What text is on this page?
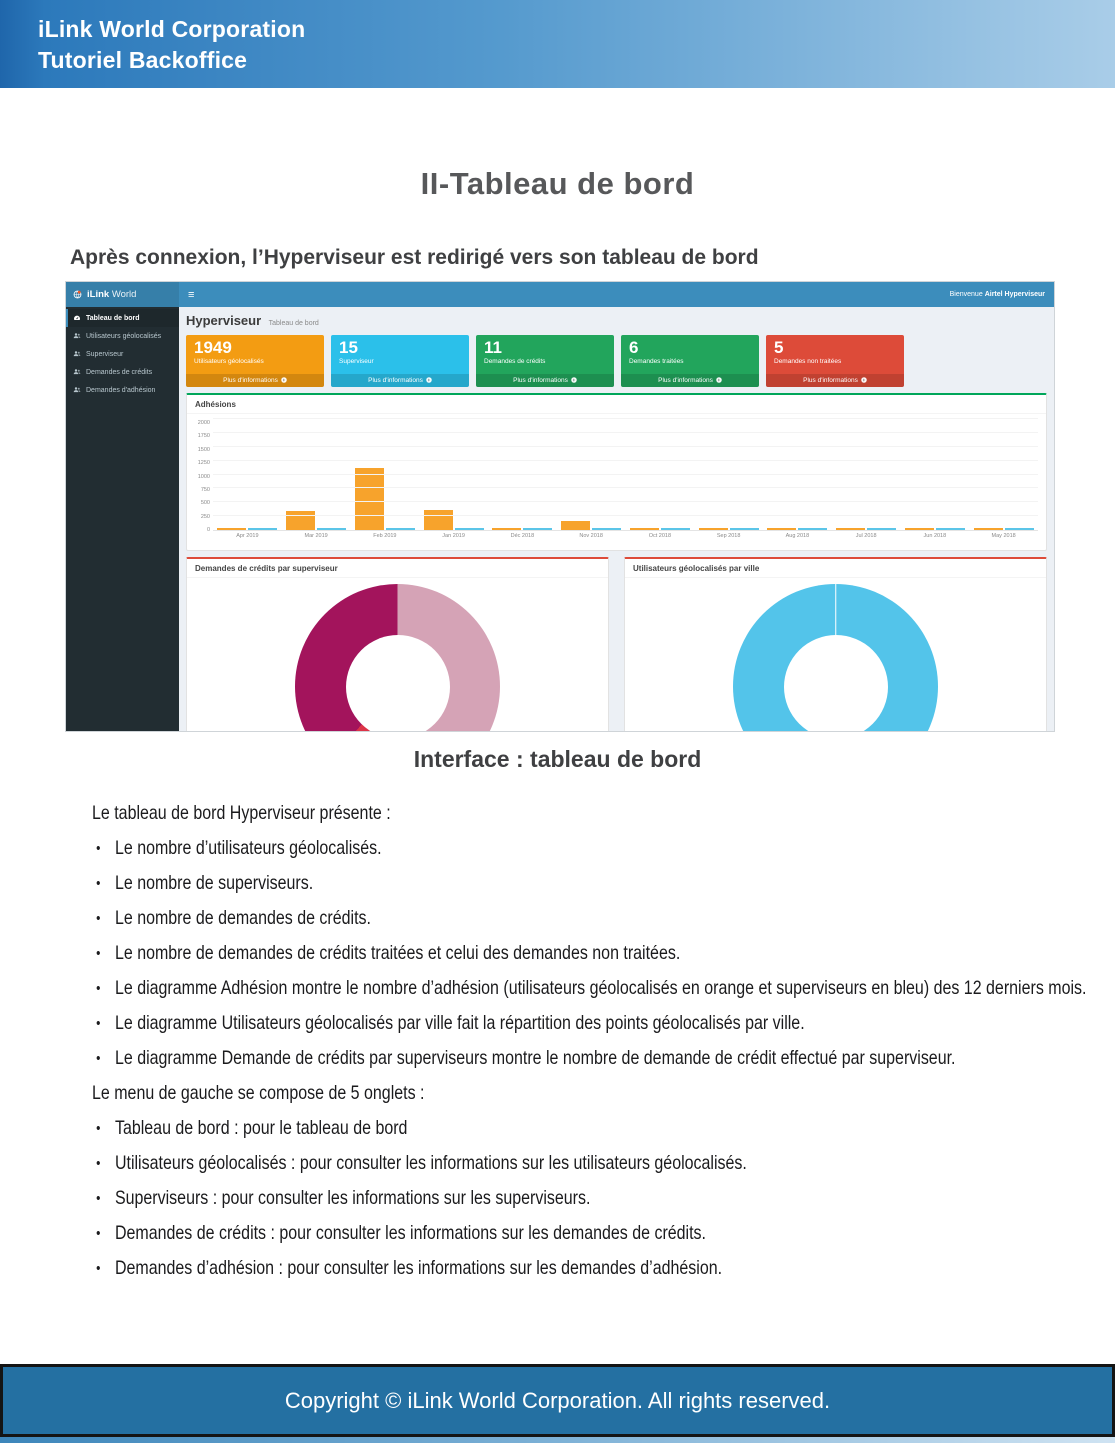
iLink World Corporation
Tutoriel Backoffice
II-Tableau de bord

Après connexion, l’Hyperviseur est redirigé vers son tableau de bord

iLink World	≡	Bienvenue Airtel Hyperviseur
Tableau de bord
Utilisateurs géolocalisés
Superviseur
Demandes de crédits
Demandes d'adhésion
Hyperviseur Tableau de bord
1949
Utilisateurs géolocalisés
Plus d'informations
15
Superviseur
Plus d'informations
11
Demandes de crédits
Plus d'informations
6
Demandes traitées
Plus d'informations
5
Demandes non traitées
Plus d'informations
Adhésions
2000
1750
1500
1250
1000
750
500
250
0
Apr 2019	Mar 2019	Feb 2019	Jan 2019	Déc 2018	Nov 2018	Oct 2018	Sep 2018	Aug 2018	Jul 2018	Jun 2018	May 2018
Demandes de crédits par superviseur	Utilisateurs géolocalisés par ville
Interface : tableau de bord
Le tableau de bord Hyperviseur présente :
• Le nombre d’utilisateurs géolocalisés.
• Le nombre de superviseurs.
• Le nombre de demandes de crédits.
• Le nombre de demandes de crédits traitées et celui des demandes non traitées.
• Le diagramme Adhésion montre le nombre d’adhésion (utilisateurs géolocalisés en orange et superviseurs en bleu) des 12 derniers mois.
• Le diagramme Utilisateurs géolocalisés par ville fait la répartition des points géolocalisés par ville.
• Le diagramme Demande de crédits par superviseurs montre le nombre de demande de crédit effectué par superviseur.
Le menu de gauche se compose de 5 onglets :
• Tableau de bord : pour le tableau de bord
• Utilisateurs géolocalisés : pour consulter les informations sur les utilisateurs géolocalisés.
• Superviseurs : pour consulter les informations sur les superviseurs.
• Demandes de crédits : pour consulter les informations sur les demandes de crédits.
• Demandes d’adhésion : pour consulter les informations sur les demandes d’adhésion.
Copyright © iLink World Corporation. All rights reserved.
